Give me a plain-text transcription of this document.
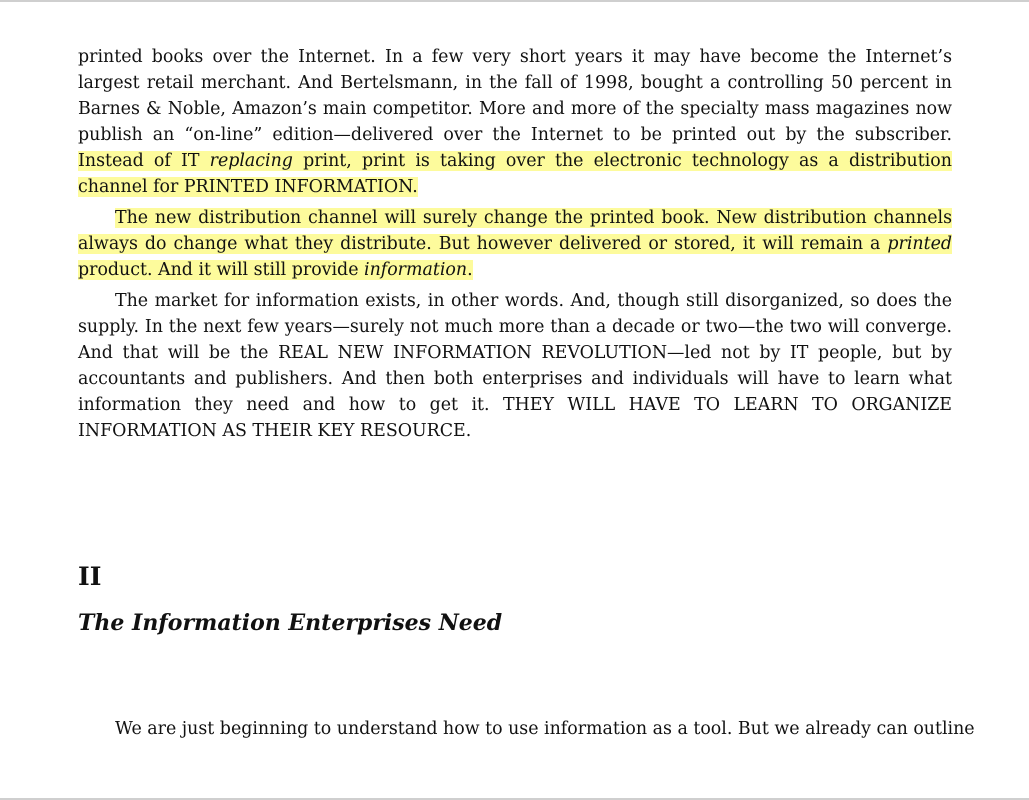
printed books over the Internet. In a few very short years it may have become the Internet’s largest retail merchant. And Bertelsmann, in the fall of 1998, bought a controlling 50 percent in Barnes & Noble, Amazon’s main competitor. More and more of the specialty mass magazines now publish an “on-line” edition—delivered over the Internet to be printed out by the subscriber. Instead of IT replacing print, print is taking over the electronic technology as a distribution channel for PRINTED INFORMATION.

The new distribution channel will surely change the printed book. New distribution channels always do change what they distribute. But however delivered or stored, it will remain a printed product. And it will still provide information.

The market for information exists, in other words. And, though still disorganized, so does the supply. In the next few years—surely not much more than a decade or two—the two will converge. And that will be the REAL NEW INFORMATION REVOLUTION—led not by IT people, but by accountants and publishers. And then both enterprises and individuals will have to learn what information they need and how to get it. THEY WILL HAVE TO LEARN TO ORGANIZE INFORMATION AS THEIR KEY RESOURCE.

II
The Information Enterprises Need

We are just beginning to understand how to use information as a tool. But we already can outline
